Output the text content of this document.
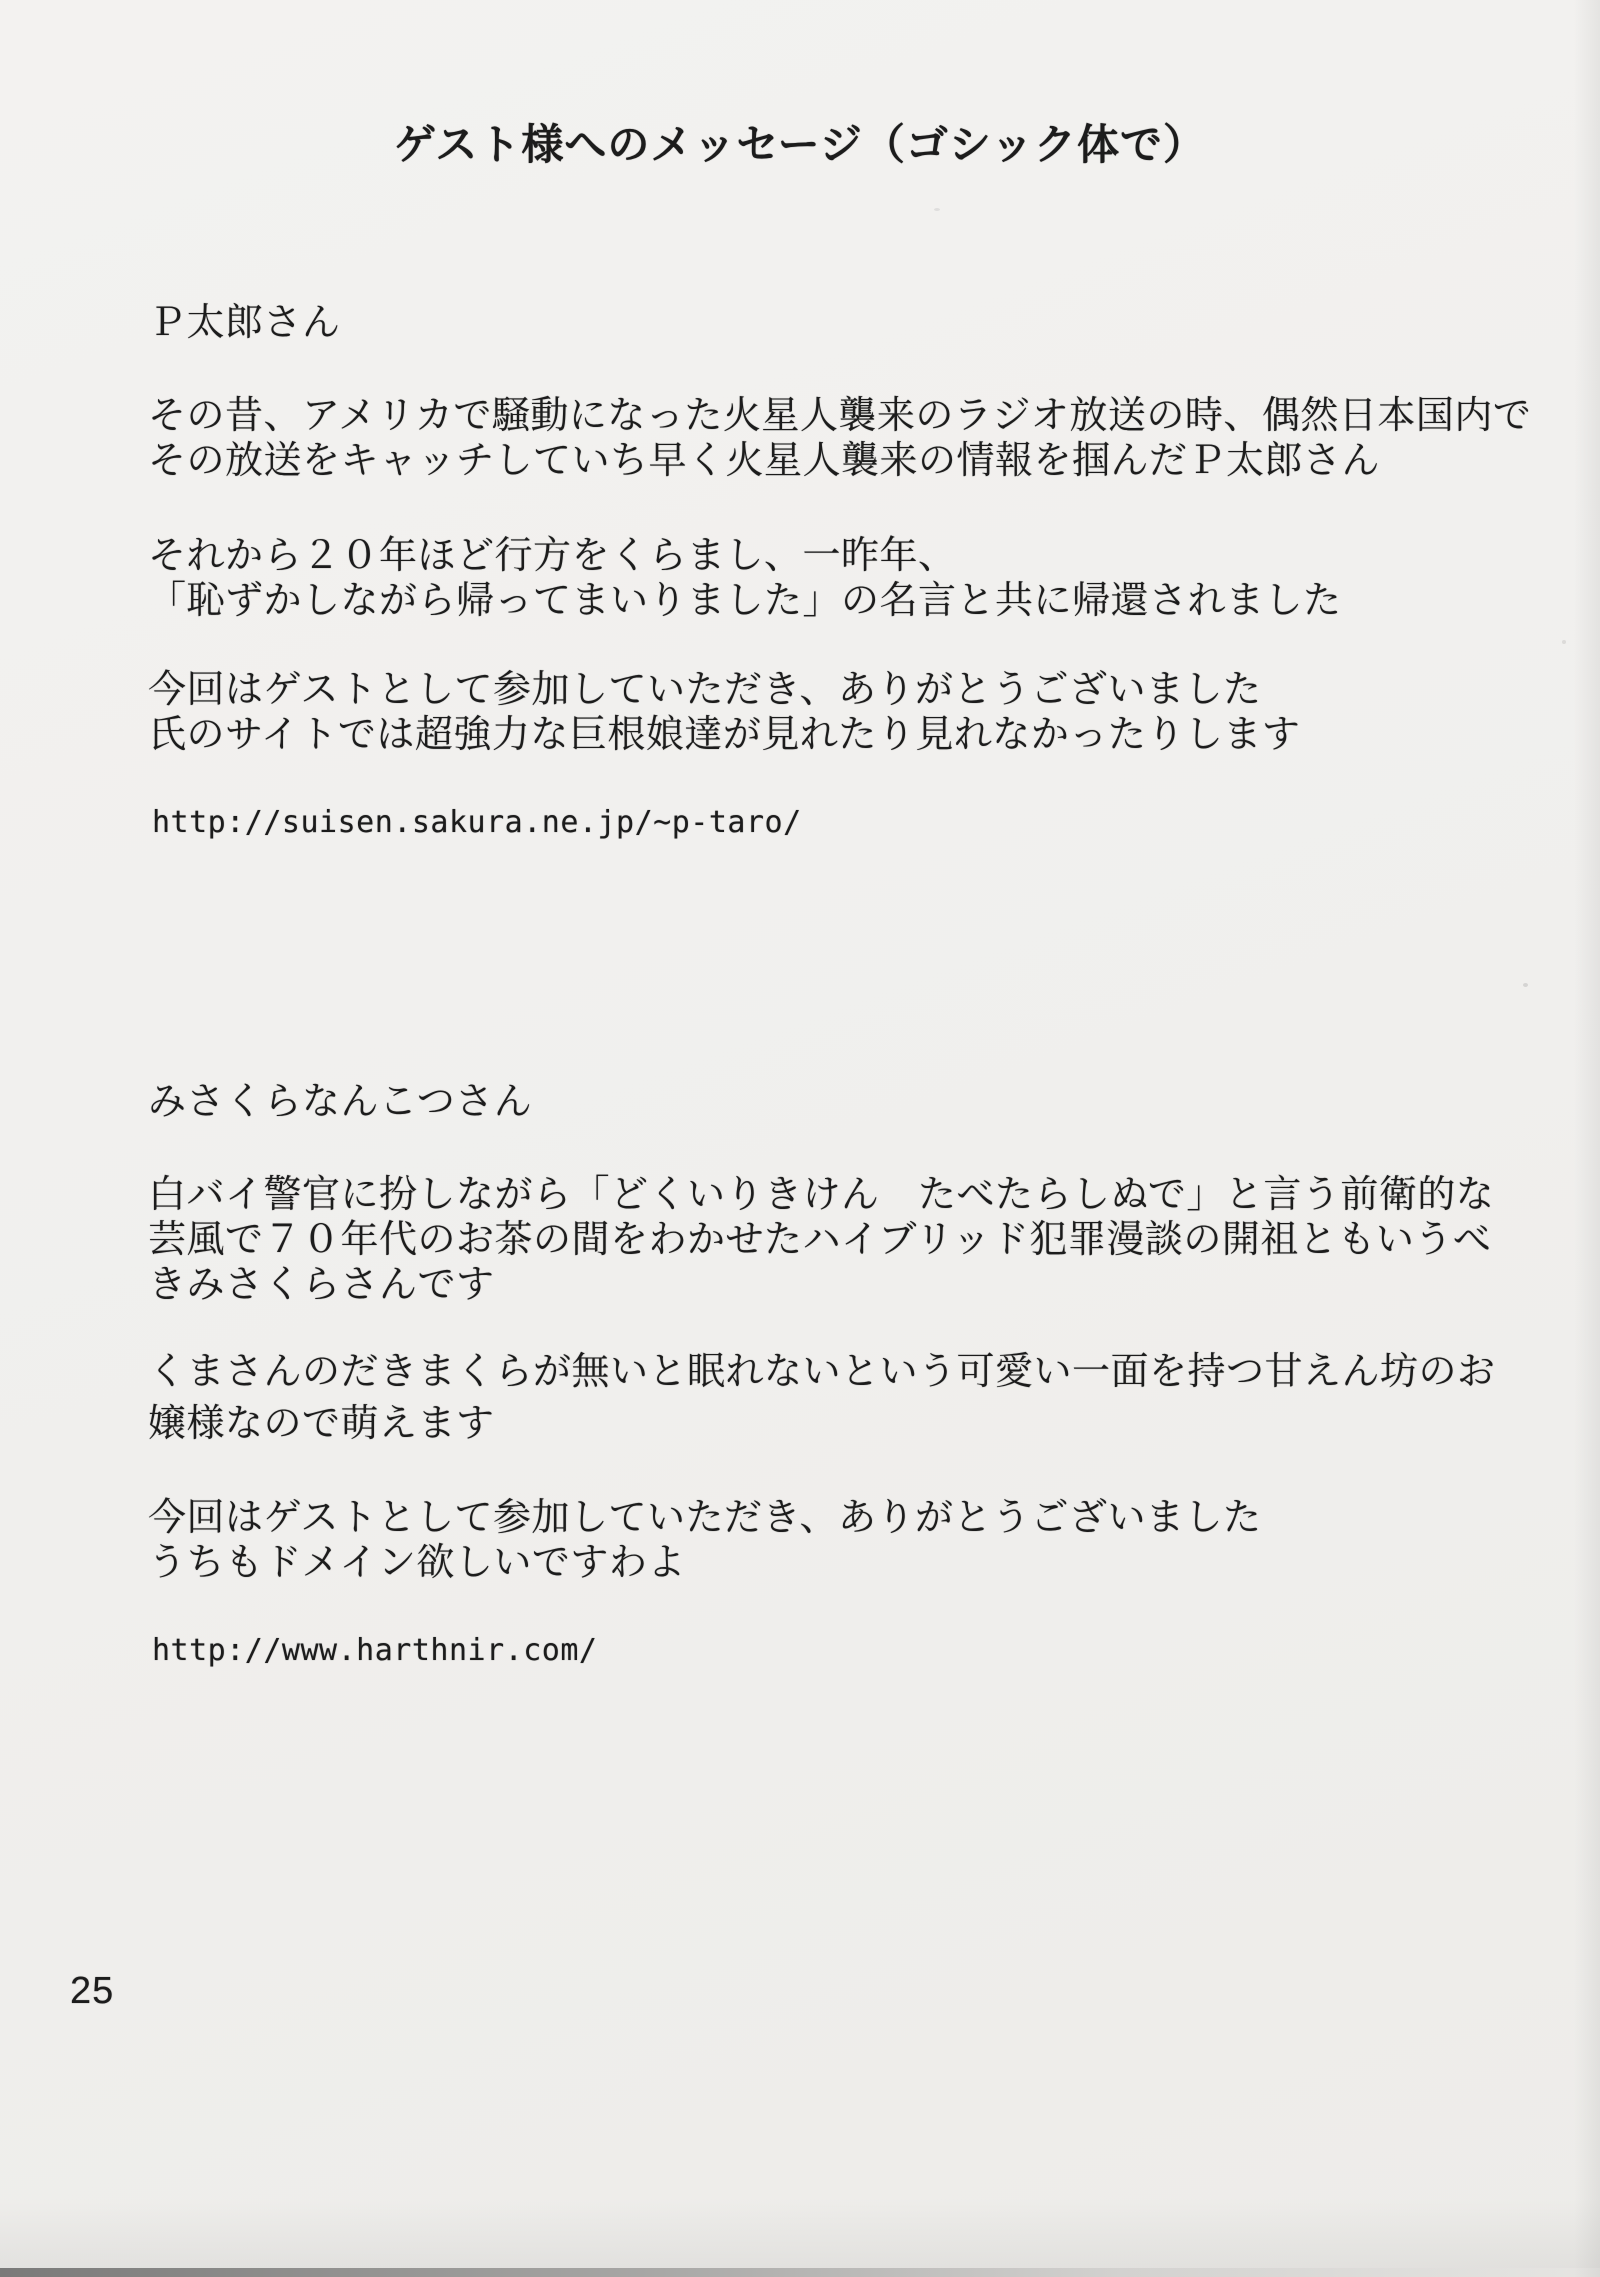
ゲスト様へのメッセージ（ゴシック体で）
Ｐ太郎さん
その昔、アメリカで騒動になった火星人襲来のラジオ放送の時、偶然日本国内で
その放送をキャッチしていち早く火星人襲来の情報を掴んだＰ太郎さん
それから２０年ほど行方をくらまし、一昨年、
「恥ずかしながら帰ってまいりました」の名言と共に帰還されました
今回はゲストとして参加していただき、ありがとうございました
氏のサイトでは超強力な巨根娘達が見れたり見れなかったりします
http://suisen.sakura.ne.jp/~p-taro/
みさくらなんこつさん
白バイ警官に扮しながら「どくいりきけん　たべたらしぬで」と言う前衛的な
芸風で７０年代のお茶の間をわかせたハイブリッド犯罪漫談の開祖ともいうべ
きみさくらさんです
くまさんのだきまくらが無いと眠れないという可愛い一面を持つ甘えん坊のお
嬢様なので萌えます
今回はゲストとして参加していただき、ありがとうございました
うちもドメイン欲しいですわよ
http://www.harthnir.com/
25
